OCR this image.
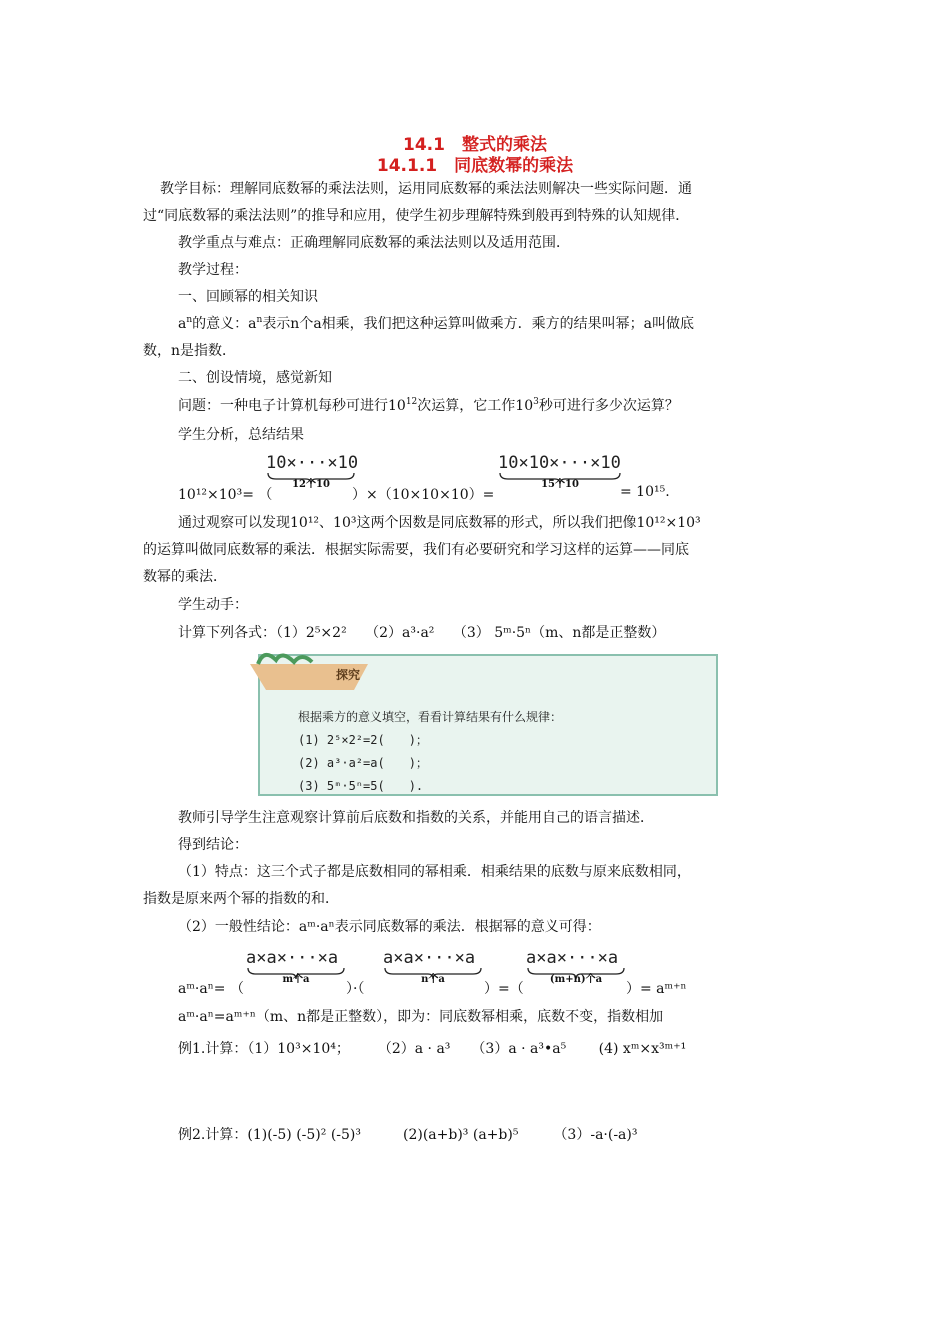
14.1　整式的乘法
14.1.1　同底数幂的乘法
教学目标：理解同底数幂的乘法法则，运用同底数幂的乘法法则解决一些实际问题．通
过“同底数幂的乘法法则”的推导和应用，使学生初步理解特殊到般再到特殊的认知规律．
教学重点与难点：正确理解同底数幂的乘法法则以及适用范围．
教学过程：
一、回顾幂的相关知识
$a^n$的意义：$a^n$表示n个a相乘，我们把这种运算叫做乘方．乘方的结果叫幂；a叫做底
数，n是指数．
二、创设情境，感觉新知
问题：一种电子计算机每秒可进行$10^{12}$次运算，它工作$10^3$秒可进行多少次运算？
学生分析，总结结果
10×···×10
12个10
10×10×···×10
15个10
10¹²×10³= （	）×（10×10×10）=	= 10¹⁵.
通过观察可以发现10¹²、10³这两个因数是同底数幂的形式，所以我们把像10¹²×10³
的运算叫做同底数幂的乘法．根据实际需要，我们有必要研究和学习这样的运算——同底
数幂的乘法．
学生动手：
计算下列各式：（1）2⁵×2²　 （2）a³·a²　 （3） 5ᵐ·5ⁿ（m、n都是正整数）
探究
根据乘方的意义填空，看看计算结果有什么规律：
(1) 2⁵×2²=2(　　)；
(2) a³·a²=a(　　)；
(3) 5ᵐ·5ⁿ=5(　　).
教师引导学生注意观察计算前后底数和指数的关系，并能用自己的语言描述．
得到结论：
（1）特点：这三个式子都是底数相同的幂相乘．相乘结果的底数与原来底数相同，
指数是原来两个幂的指数的和．
（2）一般性结论：aᵐ·aⁿ表示同底数幂的乘法．根据幂的意义可得：
a×a×···×a
m个a
a×a×···×a
n个a
a×a×···×a
(m+n)个a
aᵐ·aⁿ= （	）·（	）=（	）= aᵐ⁺ⁿ
aᵐ·aⁿ=aᵐ⁺ⁿ（m、n都是正整数），即为：同底数幂相乘，底数不变，指数相加
例1.计算：（1）10³×10⁴；　　　（2）a · a³　　（3）a · a³•a⁵　　 (4) xᵐ×x³ᵐ⁺¹
例2.计算：(1)(-5) (-5)² (-5)³　　　(2)(a+b)³ (a+b)⁵　　　（3）-a·(-a)³
